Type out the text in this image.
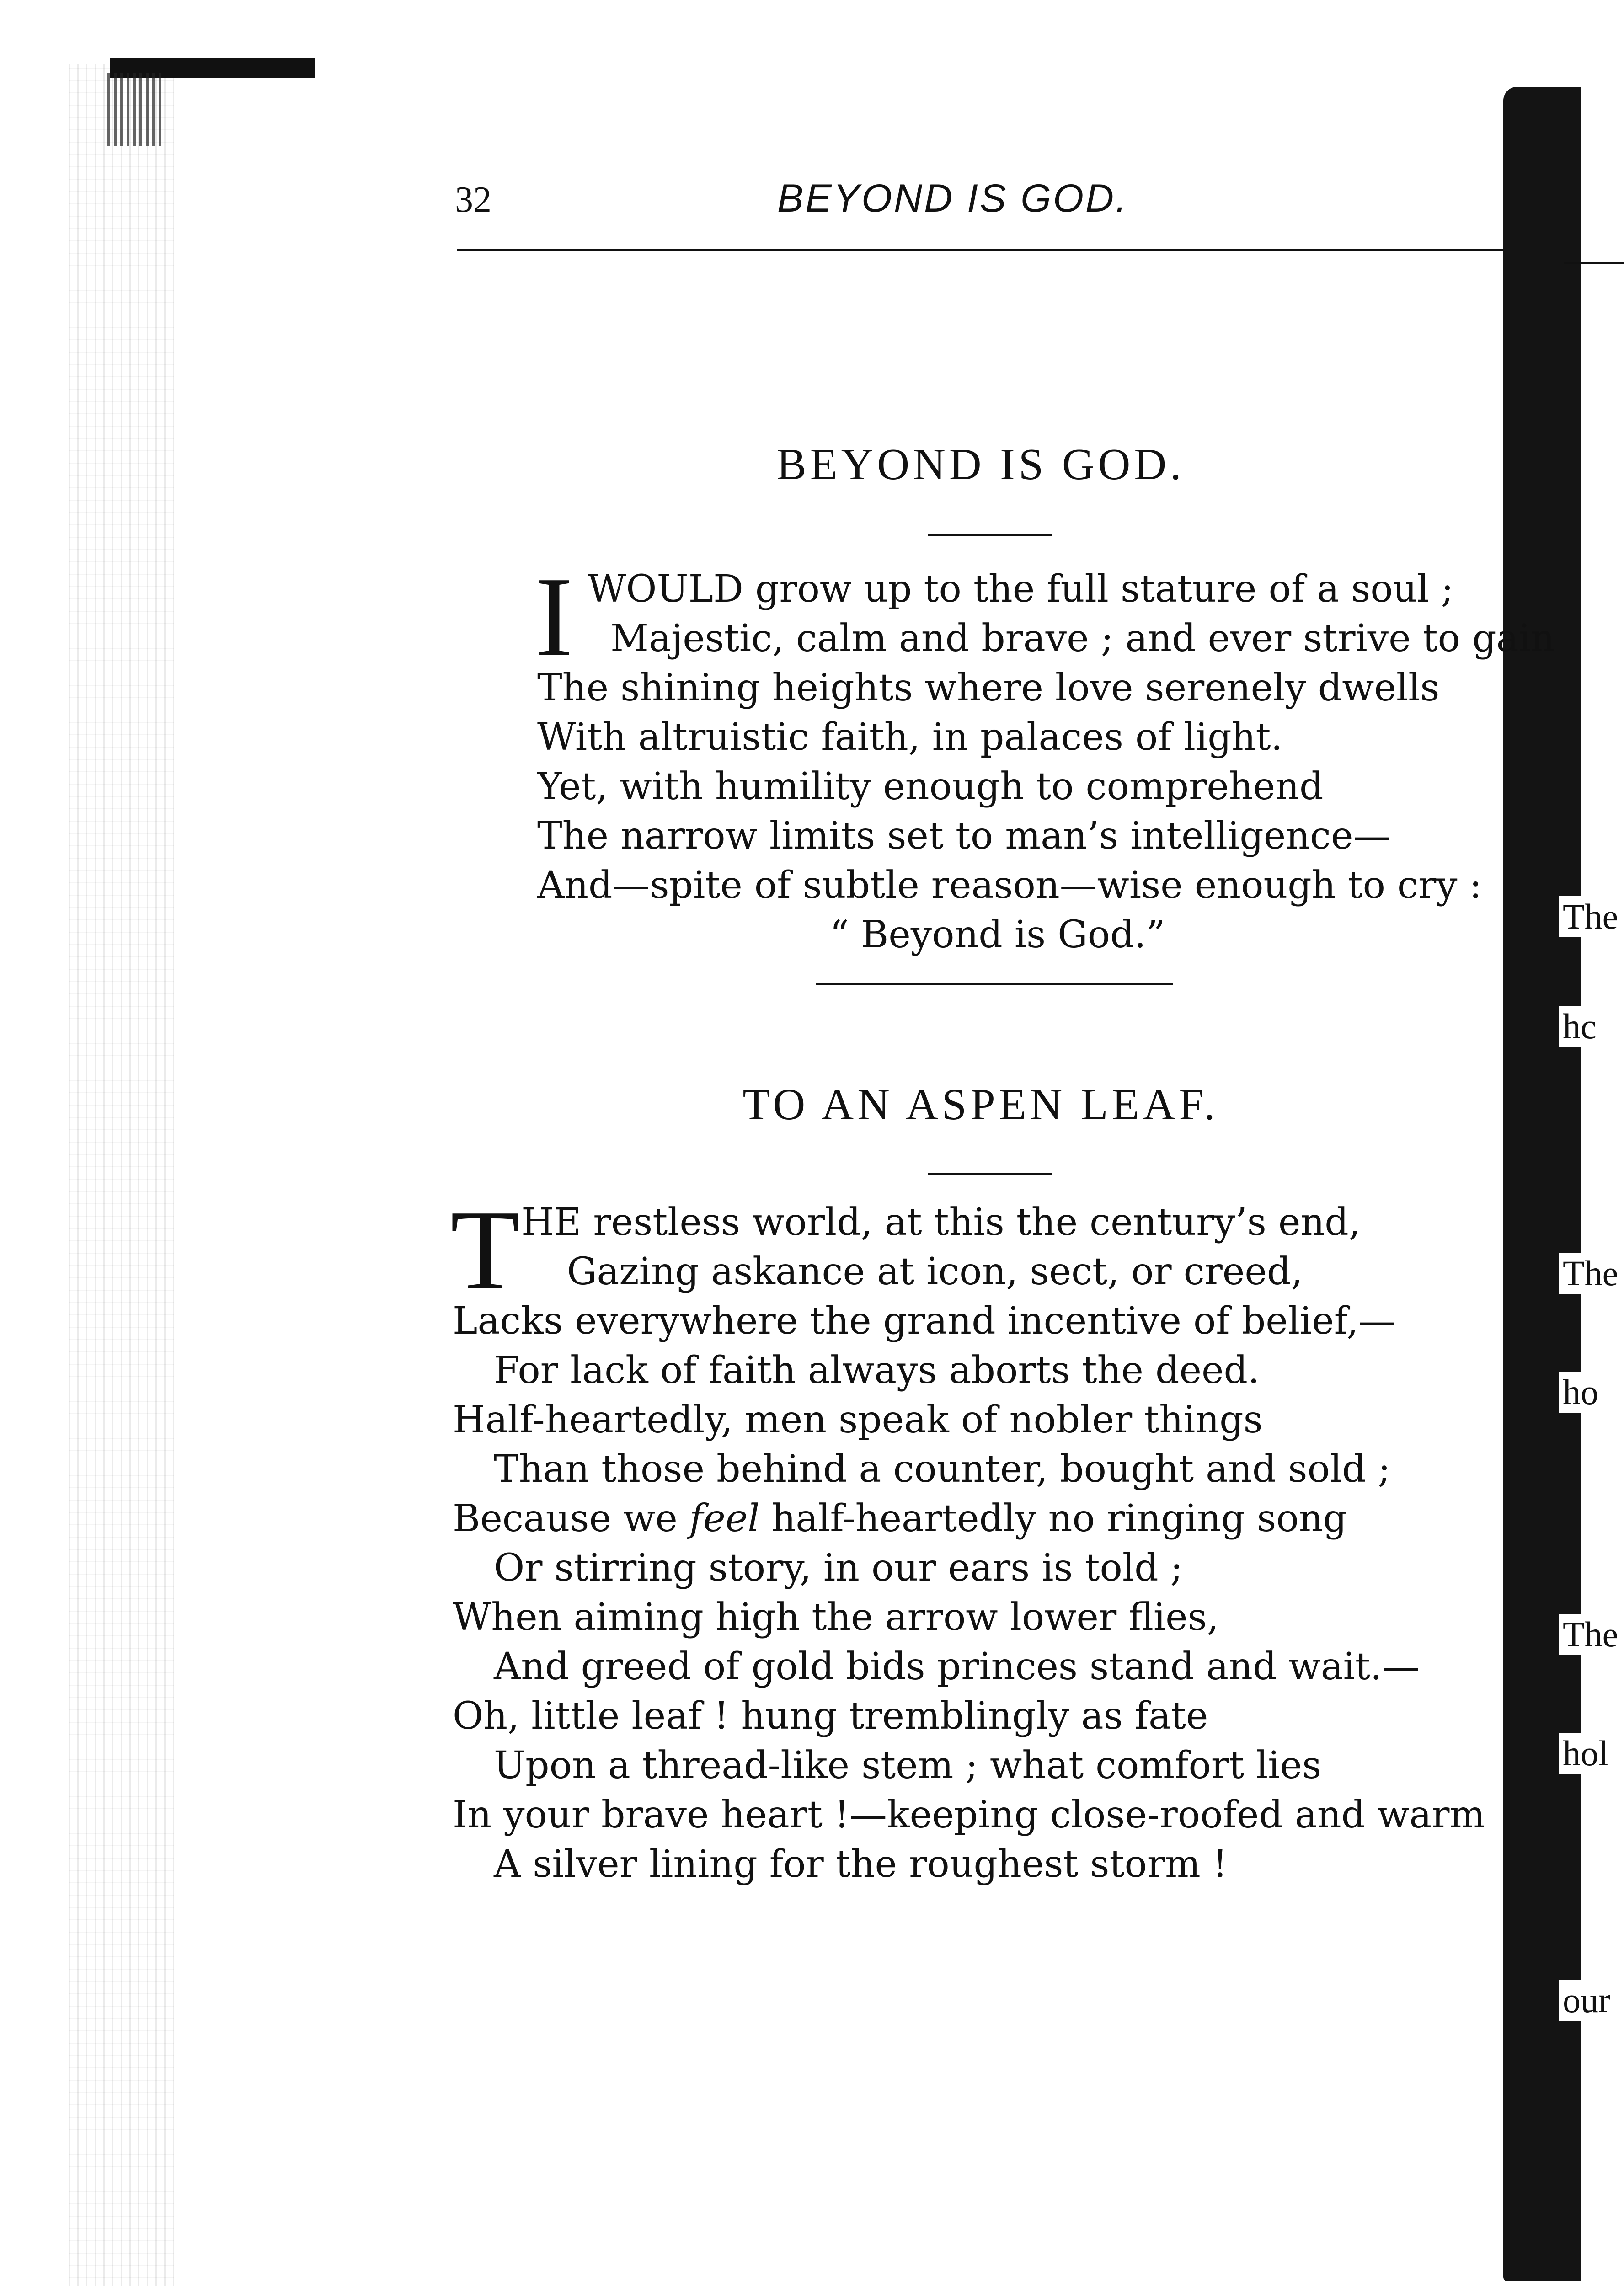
The
hc
The
ho
The
hol
our
32	BEYOND IS GOD.
BEYOND IS GOD.
I WOULD grow up to the full stature of a soul ;
Majestic, calm and brave ; and ever strive to gain
The shining heights where love serenely dwells
With altruistic faith, in palaces of light.
Yet, with humility enough to comprehend
The narrow limits set to man’s intelligence—
And—spite of subtle reason—wise enough to cry :
“ Beyond is God.”
TO AN ASPEN LEAF.
T HE restless world, at this the century’s end,
Gazing askance at icon, sect, or creed,
Lacks everywhere the grand incentive of belief,—
For lack of faith always aborts the deed.
Half-heartedly, men speak of nobler things
Than those behind a counter, bought and sold ;
Because we feel half-heartedly no ringing song
Or stirring story, in our ears is told ;
When aiming high the arrow lower flies,
And greed of gold bids princes stand and wait.—
Oh, little leaf ! hung tremblingly as fate
Upon a thread-like stem ; what comfort lies
In your brave heart !—keeping close-roofed and warm
A silver lining for the roughest storm !
